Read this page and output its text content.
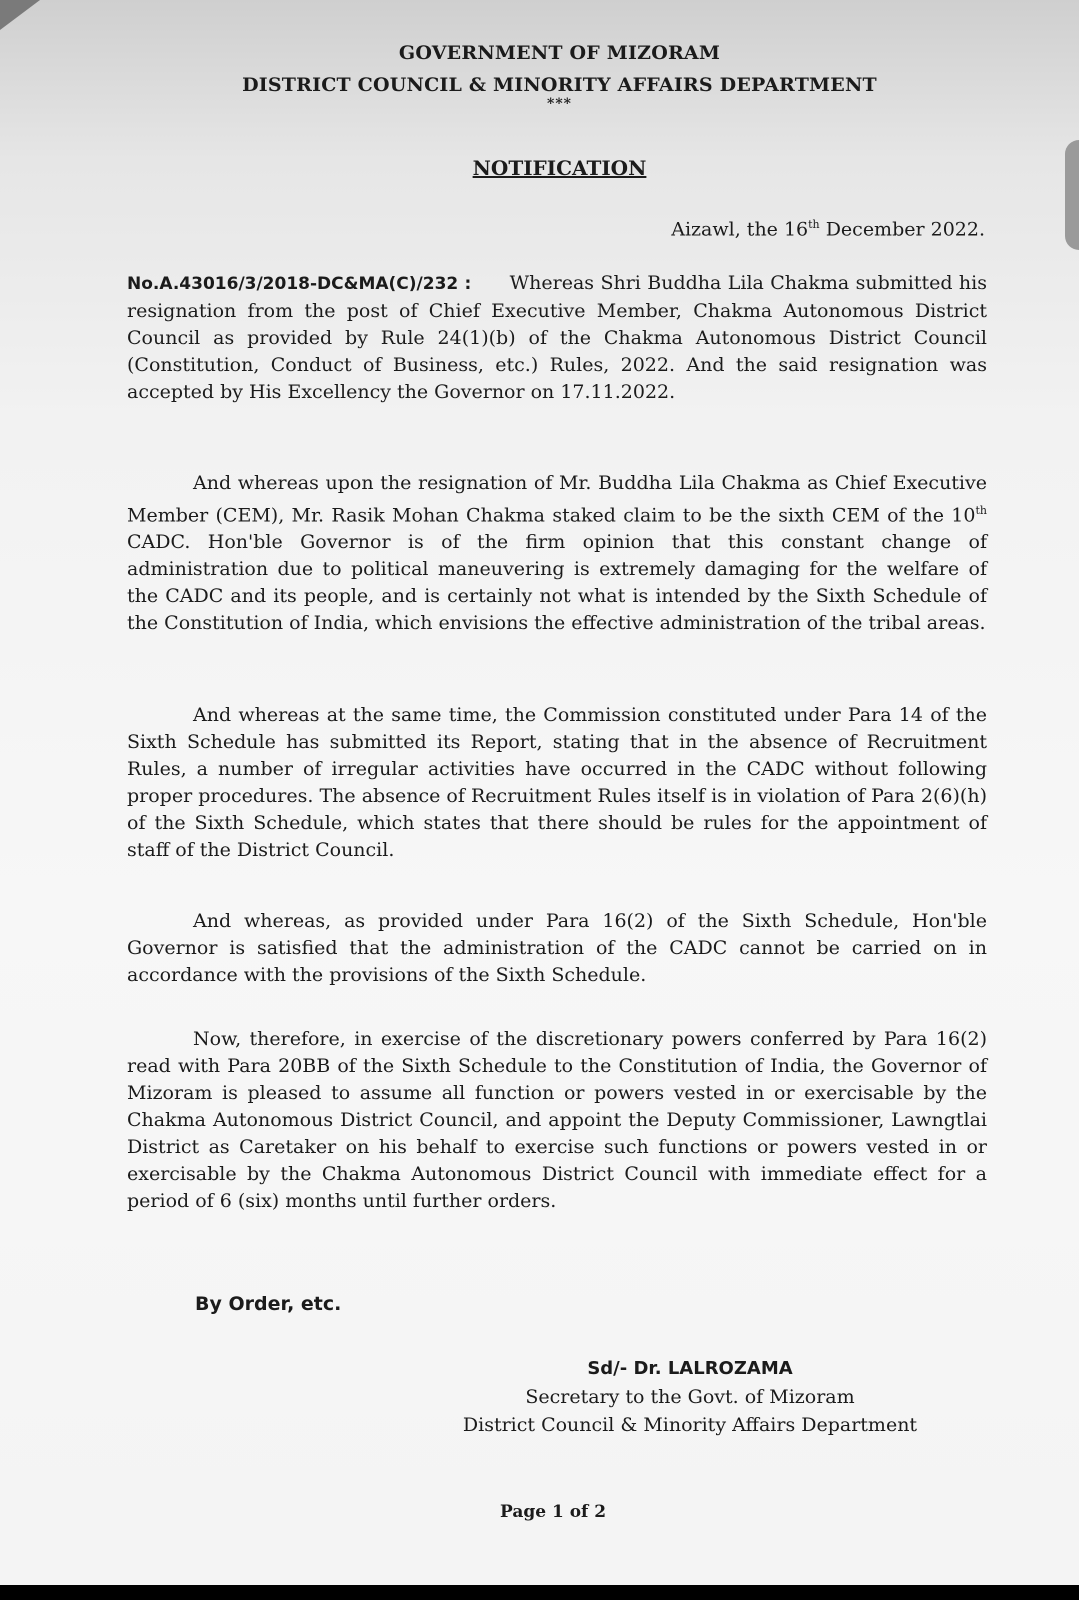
GOVERNMENT OF MIZORAM
DISTRICT COUNCIL & MINORITY AFFAIRS DEPARTMENT
***
NOTIFICATION
Aizawl, the 16th December 2022.
No.A.43016/3/2018-DC&MA(C)/232 :      Whereas Shri Buddha Lila Chakma submitted his resignation from the post of Chief Executive Member, Chakma Autonomous District Council as provided by Rule 24(1)(b) of the Chakma Autonomous District Council (Constitution, Conduct of Business, etc.) Rules, 2022. And the said resignation was accepted by His Excellency the Governor on 17.11.2022.
And whereas upon the resignation of Mr. Buddha Lila Chakma as Chief Executive Member (CEM), Mr. Rasik Mohan Chakma staked claim to be the sixth CEM of the 10th CADC. Hon'ble Governor is of the firm opinion that this constant change of administration due to political maneuvering is extremely damaging for the welfare of the CADC and its people, and is certainly not what is intended by the Sixth Schedule of the Constitution of India, which envisions the effective administration of the tribal areas.
And whereas at the same time, the Commission constituted under Para 14 of the Sixth Schedule has submitted its Report, stating that in the absence of Recruitment Rules, a number of irregular activities have occurred in the CADC without following proper procedures. The absence of Recruitment Rules itself is in violation of Para 2(6)(h) of the Sixth Schedule, which states that there should be rules for the appointment of staff of the District Council.
And whereas, as provided under Para 16(2) of the Sixth Schedule, Hon'ble Governor is satisfied that the administration of the CADC cannot be carried on in accordance with the provisions of the Sixth Schedule.
Now, therefore, in exercise of the discretionary powers conferred by Para 16(2) read with Para 20BB of the Sixth Schedule to the Constitution of India, the Governor of Mizoram is pleased to assume all function or powers vested in or exercisable by the Chakma Autonomous District Council, and appoint the Deputy Commissioner, Lawngtlai District as Caretaker on his behalf to exercise such functions or powers vested in or exercisable by the Chakma Autonomous District Council with immediate effect for a period of 6 (six) months until further orders.
By Order, etc.
Sd/- Dr. LALROZAMA
Secretary to the Govt. of Mizoram
District Council & Minority Affairs Department
Page 1 of 2
